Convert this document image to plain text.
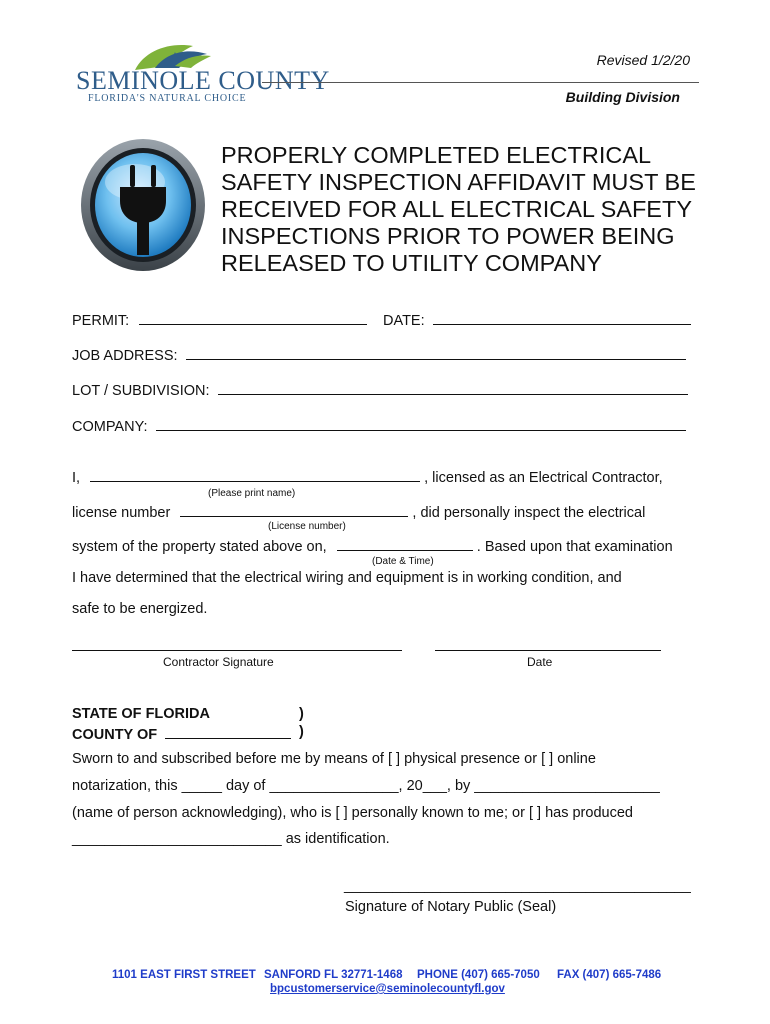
SEMINOLE COUNTY
FLORIDA'S NATURAL CHOICE
Revised 1/2/20
Building Division
PROPERLY COMPLETED ELECTRICAL
SAFETY INSPECTION AFFIDAVIT MUST BE
RECEIVED FOR ALL ELECTRICAL SAFETY
INSPECTIONS PRIOR TO POWER BEING
RELEASED TO UTILITY COMPANY
PERMIT:	DATE:
JOB ADDRESS:
LOT / SUBDIVISION:
COMPANY:
I,	, licensed as an Electrical Contractor,
(Please print name)
license number	, did personally inspect the electrical
(License number)
system of the property stated above on,	. Based upon that examination
(Date & Time)
I have determined that the electrical wiring and equipment is in working condition, and
safe to be energized.
Contractor Signature	Date
STATE OF FLORIDA	)
COUNTY OF	)
Sworn to and subscribed before me by means of [ ] physical presence or [ ] online
notarization, this _____ day of ________________, 20___, by _______________________
(name of person acknowledging), who is [ ] personally known to me; or [ ] has produced
__________________________ as identification.
___________________________________________
Signature of Notary Public (Seal)
1101 EAST FIRST STREET SANFORD FL 32771-1468 PHONE (407) 665-7050 FAX (407) 665-7486
bpcustomerservice@seminolecountyfl.gov
